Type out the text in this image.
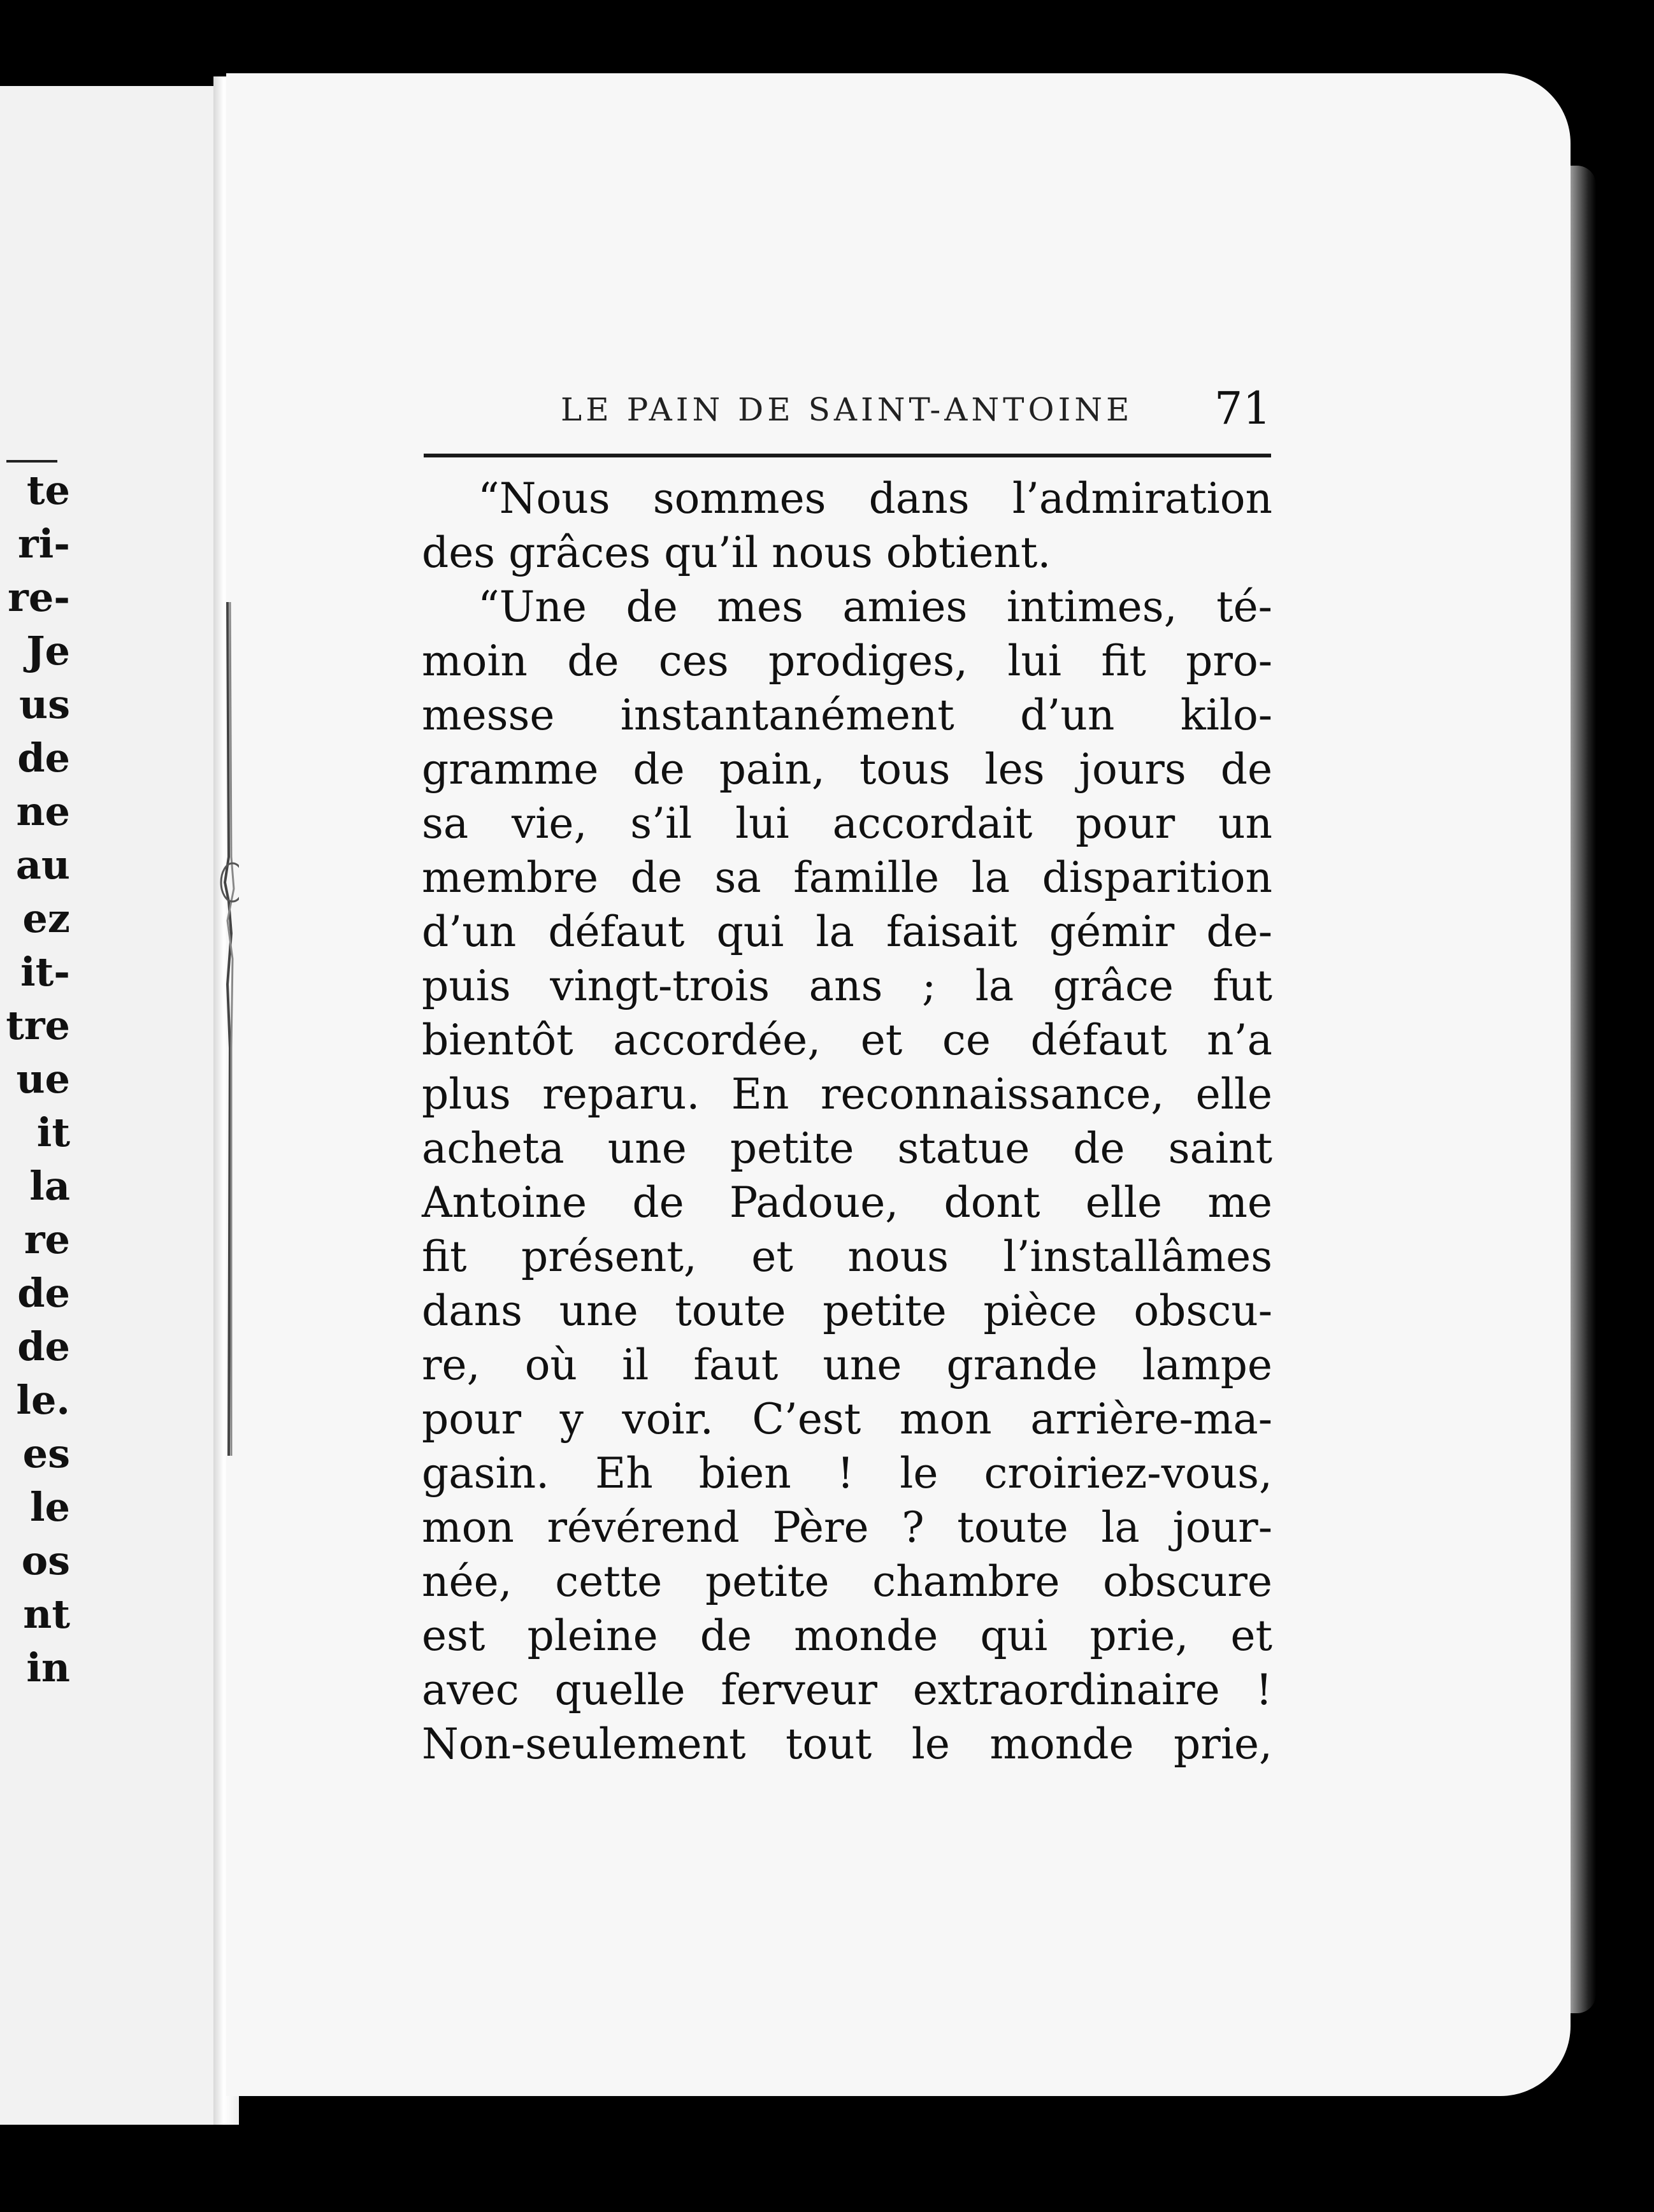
te
ri-
re-
Je
us
de
ne
au
ez
it-
tre
ue
it
la
re
de
de
le.
es
le
os
nt
in
LE PAIN DE SAINT-ANTOINE 71
“Nous sommes dans l’admiration
des grâces qu’il nous obtient.
“Une de mes amies intimes, té-
moin de ces prodiges, lui fit pro-
messe instantanément d’un kilo-
gramme de pain, tous les jours de
sa vie, s’il lui accordait pour un
membre de sa famille la disparition
d’un défaut qui la faisait gémir de-
puis vingt-trois ans ; la grâce fut
bientôt accordée, et ce défaut n’a
plus reparu. En reconnaissance, elle
acheta une petite statue de saint
Antoine de Padoue, dont elle me
fit présent, et nous l’installâmes
dans une toute petite pièce obscu-
re, où il faut une grande lampe
pour y voir. C’est mon arrière-ma-
gasin. Eh bien ! le croiriez-vous,
mon révérend Père ? toute la jour-
née, cette petite chambre obscure
est pleine de monde qui prie, et
avec quelle ferveur extraordinaire !
Non-seulement tout le monde prie,
